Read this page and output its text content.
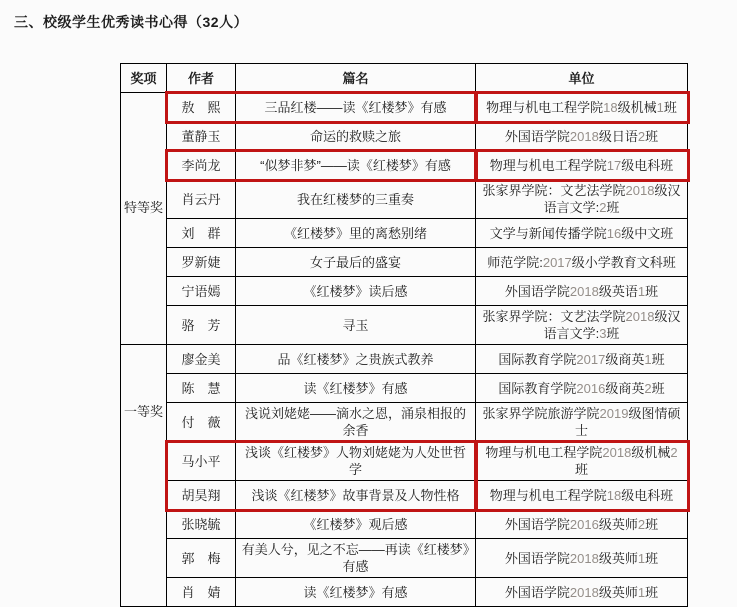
三、校级学生优秀读书心得（32人）
奖项	作者	篇名	单位
特等奖	敖　熙	三品红楼——读《红楼梦》有感	物理与机电工程学院18级机械1班
	董静玉	命运的救赎之旅	外国语学院2018级日语2班
	李尚龙	“似梦非梦”——读《红楼梦》有感	物理与机电工程学院17级电科班
	肖云丹	我在红楼梦的三重奏	张家界学院：文艺法学院2018级汉语言文学:2班
	刘　群	《红楼梦》里的离愁别绪	文学与新闻传播学院16级中文班
	罗新婕	女子最后的盛宴	师范学院:2017级小学教育文科班
	宁语嫣	《红楼梦》读后感	外国语学院2018级英语1班
	骆　芳	寻玉	张家界学院：文艺法学院2018级汉语言文学:3班
一等奖	廖金美	品《红楼梦》之贵族式教养	国际教育学院2017级商英1班
	陈　慧	读《红楼梦》有感	国际教育学院2016级商英2班
	付　薇	浅说刘姥姥——滴水之恩，涌泉相报的余香	张家界学院旅游学院2019级图情硕士
	马小平	浅谈《红楼梦》人物刘姥姥为人处世哲学	物理与机电工程学院2018级机械2班
	胡昊翔	浅谈《红楼梦》故事背景及人物性格	物理与机电工程学院18级电科班
	张晓毓	《红楼梦》观后感	外国语学院2016级英师2班
	郭　梅	有美人兮，见之不忘——再读《红楼梦》有感	外国语学院2018级英师1班
	肖　婧	读《红楼梦》有感	外国语学院2018级英师1班
